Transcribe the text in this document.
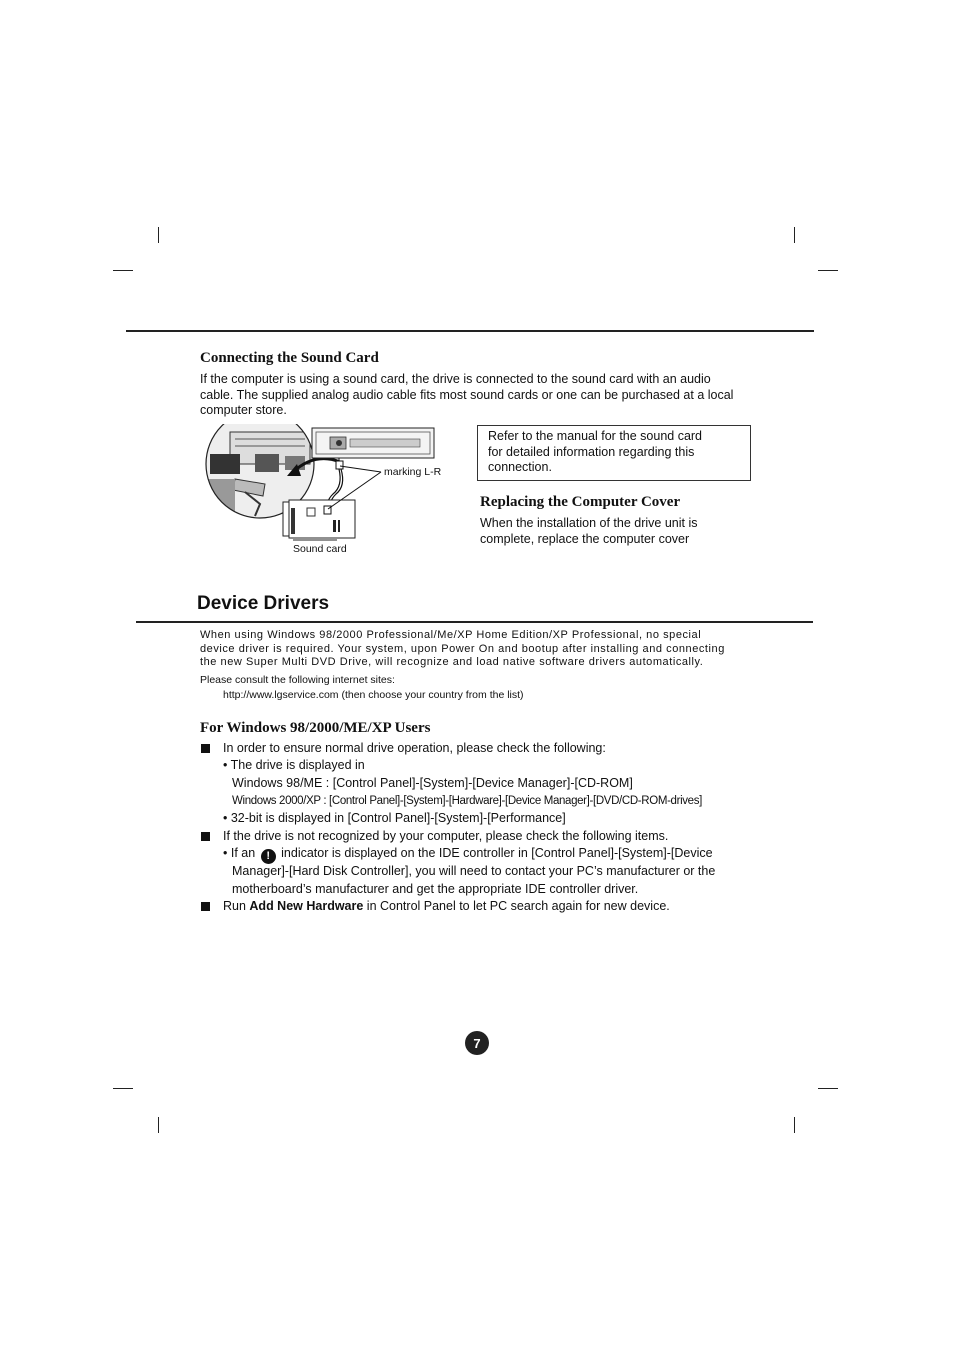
Connecting the Sound Card
If the computer is using a sound card, the drive is connected to the sound card with an audio
cable. The supplied analog audio cable fits most sound cards or one can be purchased at a local
computer store.
marking L-R
Sound card
Refer to the manual for the sound card
for detailed information regarding this
connection.
Replacing the Computer Cover
When the installation of the drive unit is
complete, replace the computer cover
Device Drivers
When using Windows 98/2000 Professional/Me/XP Home Edition/XP Professional, no special
device driver is required. Your system, upon Power On and bootup after installing and connecting
the new Super Multi DVD Drive, will recognize and load native software drivers automatically.
Please consult the following internet sites:
http://www.lgservice.com (then choose your country from the list)
For Windows 98/2000/ME/XP Users
In order to ensure normal drive operation, please check the following:
• The drive is displayed in
Windows 98/ME : [Control Panel]-[System]-[Device Manager]-[CD-ROM]
Windows 2000/XP : [Control Panel]-[System]-[Hardware]-[Device Manager]-[DVD/CD-ROM-drives]
• 32-bit is displayed in [Control Panel]-[System]-[Performance]
If the drive is not recognized by your computer, please check the following items.
• If an ! indicator is displayed on the IDE controller in [Control Panel]-[System]-[Device
Manager]-[Hard Disk Controller], you will need to contact your PC’s manufacturer or the
motherboard’s manufacturer and get the appropriate IDE controller driver.
Run Add New Hardware in Control Panel to let PC search again for new device.
7
